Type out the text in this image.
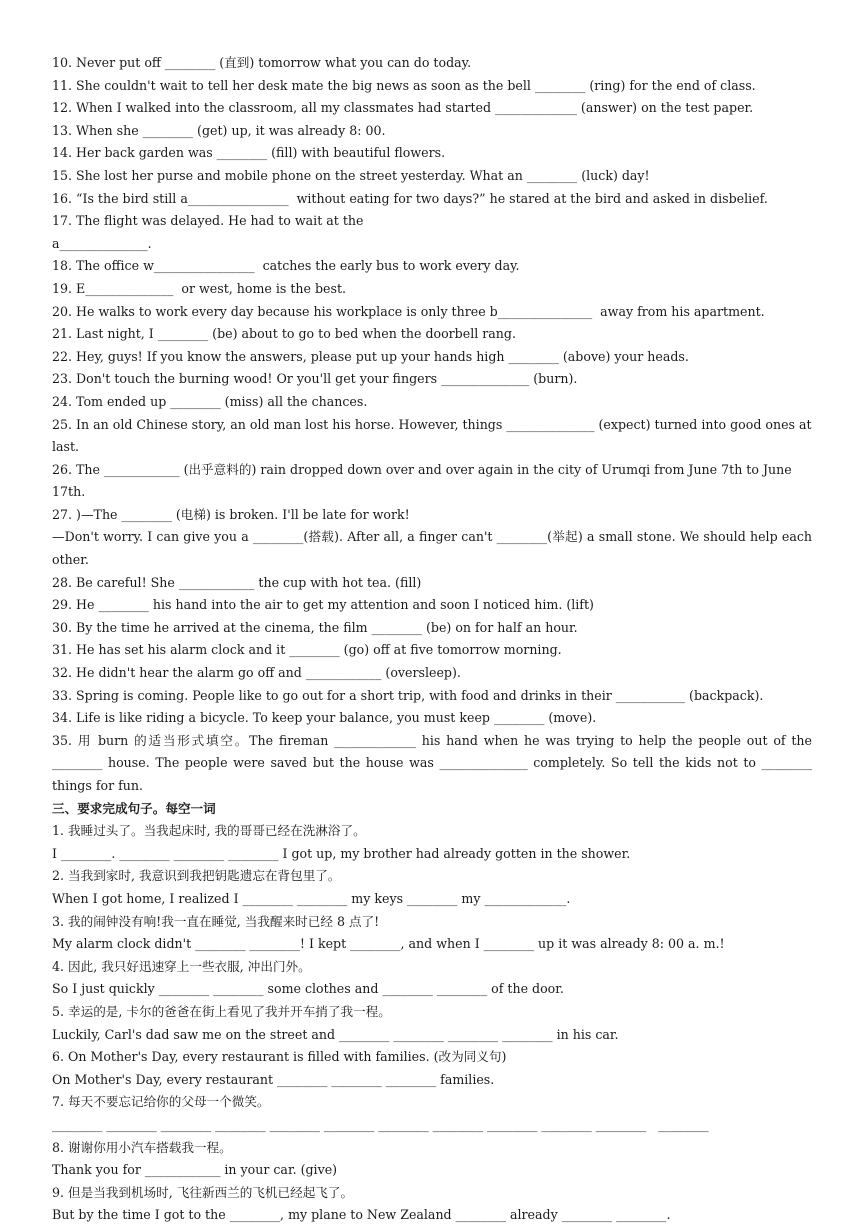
10. Never put off ________ (直到) tomorrow what you can do today.
11. She couldn't wait to tell her desk mate the big news as soon as the bell ________ (ring) for the end of class.
12. When I walked into the classroom, all my classmates had started _____________ (answer) on the test paper.
13. When she ________ (get) up, it was already 8: 00.
14. Her back garden was ________ (fill) with beautiful flowers.
15. She lost her purse and mobile phone on the street yesterday. What an ________ (luck) day!
16. “Is the bird still a________________  without eating for two days?” he stared at the bird and asked in disbelief.
17. The flight was delayed. He had to wait at the
a______________.
18. The office w________________  catches the early bus to work every day.
19. E______________  or west, home is the best.
20. He walks to work every day because his workplace is only three b_______________  away from his apartment.
21. Last night, I ________ (be) about to go to bed when the doorbell rang.
22. Hey, guys! If you know the answers, please put up your hands high ________ (above) your heads.
23. Don't touch the burning wood! Or you'll get your fingers ______________ (burn).
24. Tom ended up ________ (miss) all the chances.
25. In an old Chinese story, an old man lost his horse. However, things ______________ (expect) turned into good ones at last.
26. The ____________ (出乎意料的) rain dropped down over and over again in the city of Urumqi from June 7th to June 17th.
27. )—The ________ (电梯) is broken. I'll be late for work!
—Don't worry. I can give you a ________(搭载). After all, a finger can't ________(举起) a small stone. We should help each other.
28. Be careful! She ____________ the cup with hot tea. (fill)
29. He ________ his hand into the air to get my attention and soon I noticed him. (lift)
30. By the time he arrived at the cinema, the film ________ (be) on for half an hour.
31. He has set his alarm clock and it ________ (go) off at five tomorrow morning.
32. He didn't hear the alarm go off and ____________ (oversleep).
33. Spring is coming. People like to go out for a short trip, with food and drinks in their ___________ (backpack).
34. Life is like riding a bicycle. To keep your balance, you must keep ________ (move).
35. 用 burn 的适当形式填空。The fireman _____________ his hand when he was trying to help the people out of the ________ house. The people were saved but the house was ______________ completely. So tell the kids not to ________ things for fun.
三、要求完成句子。每空一词
1. 我睡过头了。当我起床时, 我的哥哥已经在洗淋浴了。
I ________. ________ ________ ________ I got up, my brother had already gotten in the shower.
2. 当我到家时, 我意识到我把钥匙遗忘在背包里了。
When I got home, I realized I ________ ________ my keys ________ my _____________.
3. 我的闹钟没有响!我一直在睡觉, 当我醒来时已经 8 点了!
My alarm clock didn't ________ ________! I kept ________, and when I ________ up it was already 8: 00 a. m.!
4. 因此, 我只好迅速穿上一些衣服, 冲出门外。
So I just quickly ________ ________ some clothes and ________ ________ of the door.
5. 幸运的是, 卡尔的爸爸在街上看见了我并开车捎了我一程。
Luckily, Carl's dad saw me on the street and ________ ________ ________ ________ in his car.
6. On Mother's Day, every restaurant is filled with families. (改为同义句)
On Mother's Day, every restaurant ________ ________ ________ families.
7. 每天不要忘记给你的父母一个微笑。
________ ________ ________ ________ ________ ________ ________ ________ ________ ________ ________   ________
8. 谢谢你用小汽车搭载我一程。
Thank you for ____________ in your car. (give)
9. 但是当我到机场时, 飞往新西兰的飞机已经起飞了。
But by the time I got to the ________, my plane to New Zealand ________ already ________ ________.
